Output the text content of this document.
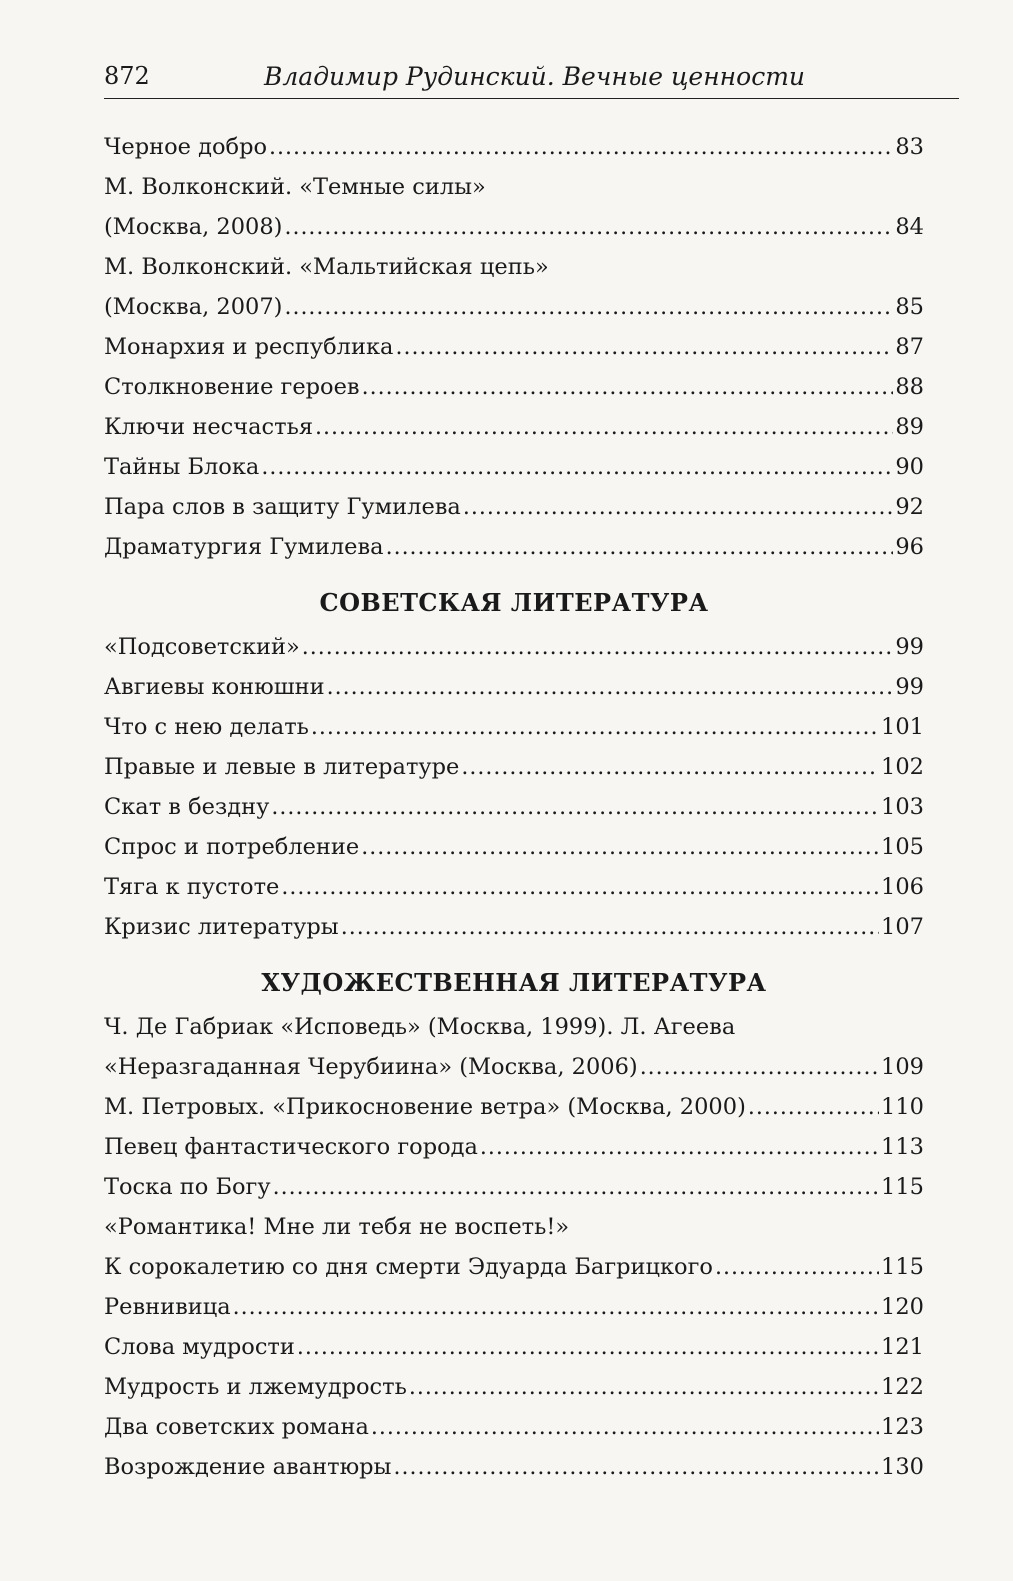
872	Владимир Рудинский. Вечные ценности
Черное добро .....	83
М. Волконский. «Темные силы»
(Москва, 2008) .....	84
М. Волконский. «Мальтийская цепь»
(Москва, 2007) .....	85
Монархия и республика .....	87
Столкновение героев .....	88
Ключи несчастья .....	89
Тайны Блока .....	90
Пара слов в защиту Гумилева .....	92
Драматургия Гумилева .....	96
СОВЕТСКАЯ ЛИТЕРАТУРА
«Подсоветский» .....	99
Авгиевы конюшни .....	99
Что с нею делать .....	101
Правые и левые в литературе .....	102
Скат в бездну .....	103
Спрос и потребление .....	105
Тяга к пустоте .....	106
Кризис литературы .....	107
ХУДОЖЕСТВЕННАЯ ЛИТЕРАТУРА
Ч. Де Габриак «Исповедь» (Москва, 1999). Л. Агеева
«Неразгаданная Черубиина» (Москва, 2006) .....	109
М. Петровых. «Прикосновение ветра» (Москва, 2000) .....	110
Певец фантастического города .....	113
Тоска по Богу .....	115
«Романтика! Мне ли тебя не воспеть!»
К сорокалетию со дня смерти Эдуарда Багрицкого .....	115
Ревнивица .....	120
Слова мудрости .....	121
Мудрость и лжемудрость .....	122
Два советских романа .....	123
Возрождение авантюры .....	130
